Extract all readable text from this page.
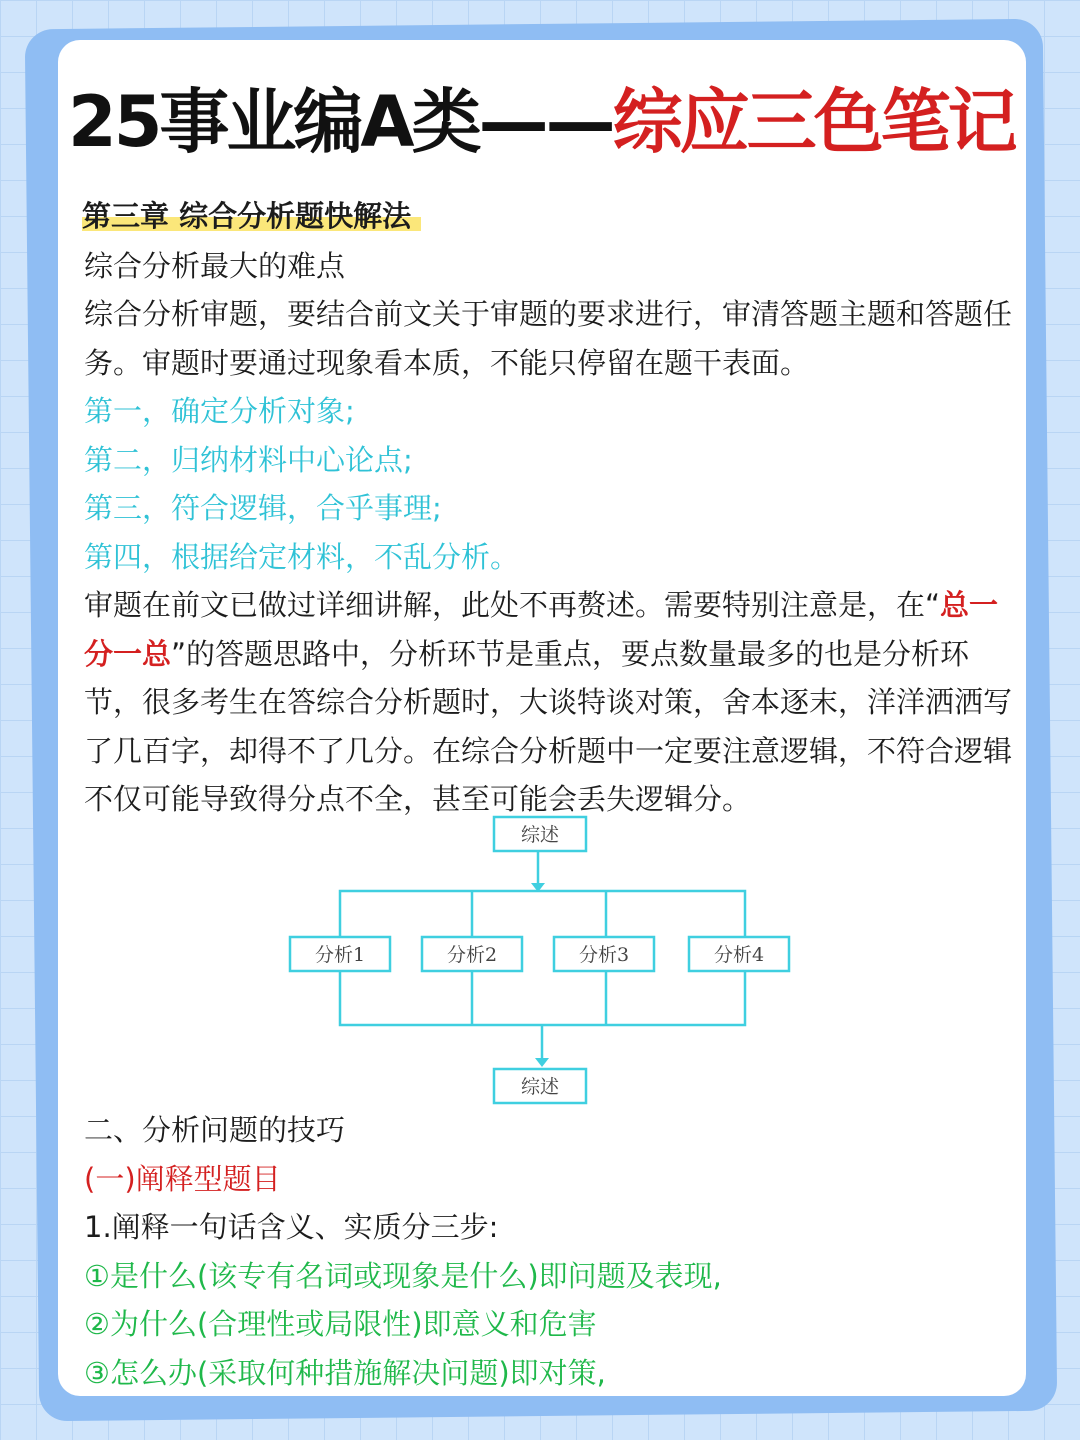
25事业编A类——综应三色笔记
第三章 综合分析题快解法

综合分析最大的难点

综合分析审题，要结合前文关于审题的要求进行，审清答题主题和答题任务。审题时要通过现象看本质，不能只停留在题干表面。

第一，确定分析对象;

第二，归纳材料中心论点;

第三，符合逻辑，合乎事理;

第四，根据给定材料，不乱分析。

审题在前文已做过详细讲解，此处不再赘述。需要特别注意是，在“总一分一总”的答题思路中，分析环节是重点，要点数量最多的也是分析环节，很多考生在答综合分析题时，大谈特谈对策，舍本逐末，洋洋洒洒写了几百字，却得不了几分。在综合分析题中一定要注意逻辑，不符合逻辑不仅可能导致得分点不全，甚至可能会丢失逻辑分。

综述
分析1	分析2	分析3	分析4
综述

二、分析问题的技巧

(一)阐释型题目

1.阐释一句话含义、实质分三步:

①是什么(该专有名词或现象是什么)即问题及表现,

②为什么(合理性或局限性)即意义和危害

③怎么办(采取何种措施解决问题)即对策,
